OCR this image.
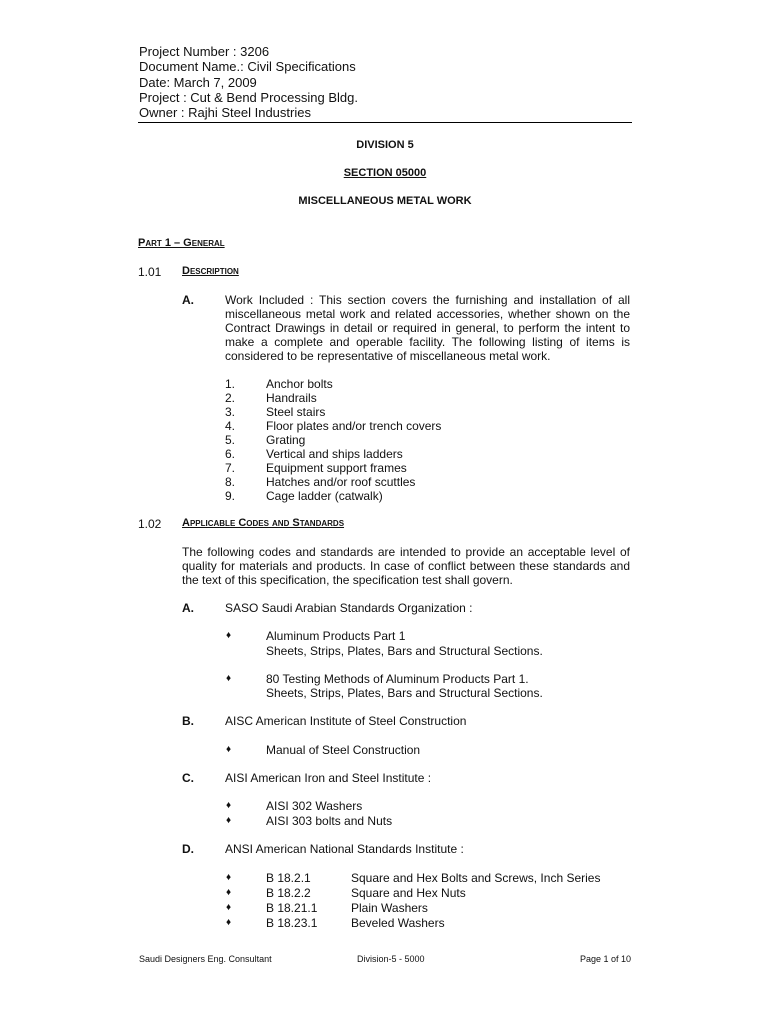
Project Number : 3206
Document Name.: Civil Specifications
Date: March 7, 2009
Project : Cut & Bend Processing Bldg.
Owner : Rajhi Steel Industries
DIVISION 5
SECTION 05000
MISCELLANEOUS METAL WORK
Part 1 – General
1.01 Description
A.	Work Included : This section covers the furnishing and installation of all
miscellaneous metal work and related accessories, whether shown on the
Contract Drawings in detail or required in general, to perform the intent to
make a complete and operable facility. The following listing of items is
considered to be representative of miscellaneous metal work.
1.	Anchor bolts
2.	Handrails
3.	Steel stairs
4.	Floor plates and/or trench covers
5.	Grating
6.	Vertical and ships ladders
7.	Equipment support frames
8.	Hatches and/or roof scuttles
9.	Cage ladder (catwalk)
1.02 Applicable Codes and Standards
The following codes and standards are intended to provide an acceptable level of
quality for materials and products. In case of conflict between these standards and
the text of this specification, the specification test shall govern.
A.	SASO Saudi Arabian Standards Organization :
♦	Aluminum Products Part 1
Sheets, Strips, Plates, Bars and Structural Sections.
♦	80 Testing Methods of Aluminum Products Part 1.
Sheets, Strips, Plates, Bars and Structural Sections.
B.	AISC American Institute of Steel Construction
♦	Manual of Steel Construction
C.	AISI American Iron and Steel Institute :
♦	AISI 302 Washers
♦	AISI 303 bolts and Nuts
D.	ANSI American National Standards Institute :
♦	B 18.2.1	Square and Hex Bolts and Screws, Inch Series
♦	B 18.2.2	Square and Hex Nuts
♦	B 18.21.1	Plain Washers
♦	B 18.23.1	Beveled Washers
Saudi Designers Eng. Consultant	Division-5 - 5000	Page 1 of 10
